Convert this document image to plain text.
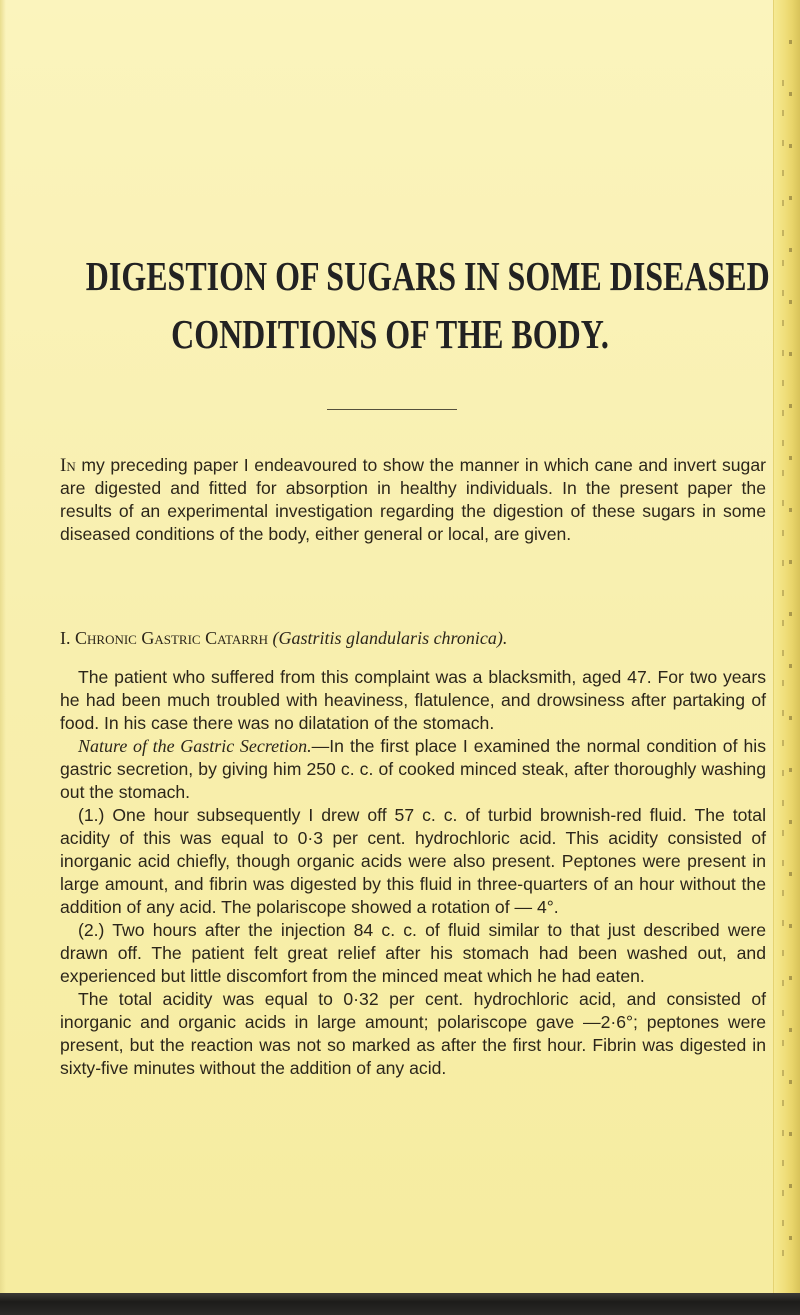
DIGESTION OF SUGARS IN SOME DISEASED
CONDITIONS OF THE BODY.

In my preceding paper I endeavoured to show the manner in which cane and invert sugar are digested and fitted for absorption in healthy individuals. In the present paper the results of an experimental investigation regarding the digestion of these sugars in some diseased conditions of the body, either general or local, are given.

I. Chronic Gastric Catarrh (Gastritis glandularis chronica).

The patient who suffered from this complaint was a blacksmith, aged 47. For two years he had been much troubled with heaviness, flatulence, and drowsiness after partaking of food. In his case there was no dilatation of the stomach.

Nature of the Gastric Secretion.—In the first place I examined the normal condition of his gastric secretion, by giving him 250 c. c. of cooked minced steak, after thoroughly washing out the stomach.

(1.) One hour subsequently I drew off 57 c. c. of turbid brownish-red fluid. The total acidity of this was equal to 0·3 per cent. hydrochloric acid. This acidity consisted of inorganic acid chiefly, though organic acids were also present. Peptones were present in large amount, and fibrin was digested by this fluid in three-quarters of an hour without the addition of any acid. The polariscope showed a rotation of — 4°.

(2.) Two hours after the injection 84 c. c. of fluid similar to that just described were drawn off. The patient felt great relief after his stomach had been washed out, and experienced but little discomfort from the minced meat which he had eaten.

The total acidity was equal to 0·32 per cent. hydrochloric acid, and consisted of inorganic and organic acids in large amount; polariscope gave —2·6°; peptones were present, but the reaction was not so marked as after the first hour. Fibrin was digested in sixty-five minutes without the addition of any acid.
